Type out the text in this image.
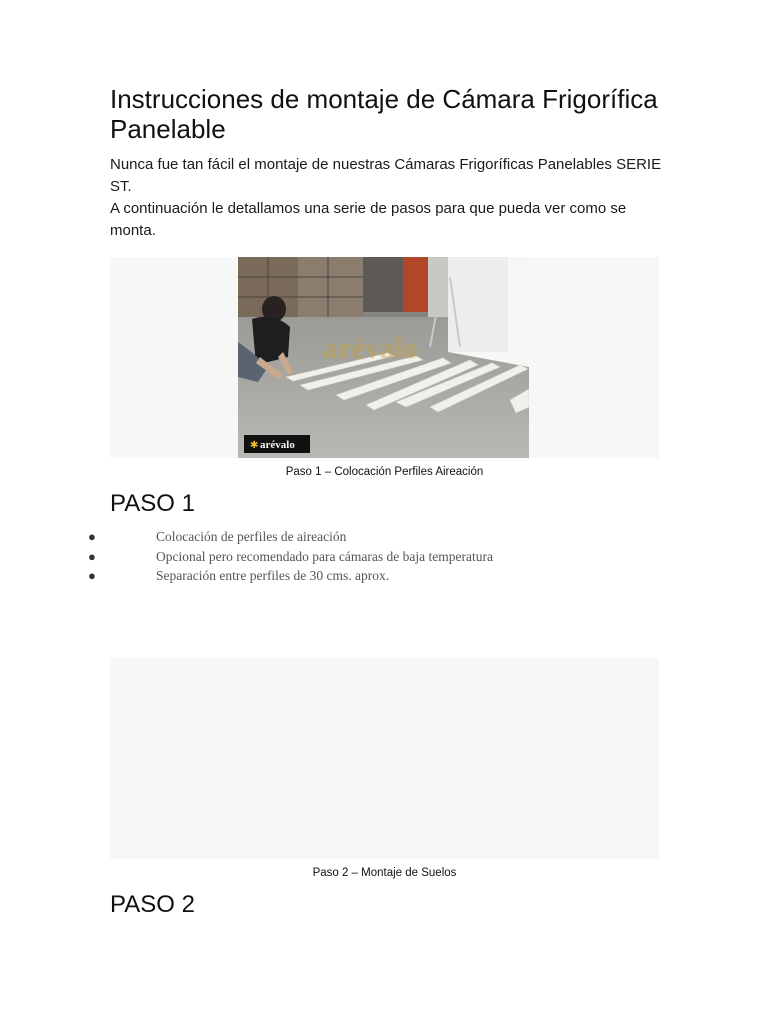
Instrucciones de montaje de Cámara Frigorífica Panelable

Nunca fue tan fácil el montaje de nuestras Cámaras Frigoríficas Panelables SERIE ST.

A continuación le detallamos una serie de pasos para que pueda ver como se monta.

arévalo
✱ arévalo
Paso 1 – Colocación Perfiles Aireación
PASO 1
●	Colocación de perfiles de aireación
●	Opcional pero recomendado para cámaras de baja temperatura
●	Separación entre perfiles de 30 cms. aprox.
Paso 2 – Montaje de Suelos
PASO 2
